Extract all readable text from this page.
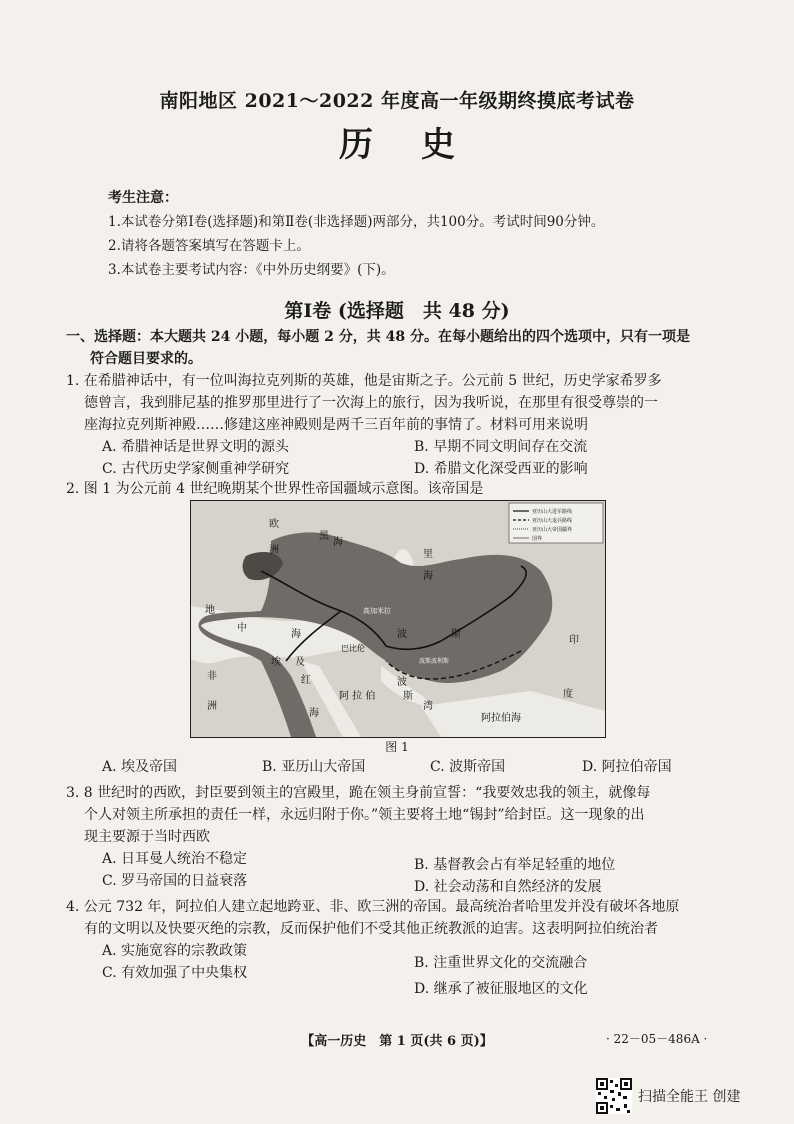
南阳地区 2021～2022 年度高一年级期终摸底考试卷
历史
考生注意：
1.本试卷分第Ⅰ卷(选择题)和第Ⅱ卷(非选择题)两部分，共100分。考试时间90分钟。
2.请将各题答案填写在答题卡上。
3.本试卷主要考试内容：《中外历史纲要》(下)。
第Ⅰ卷 (选择题　共 48 分)
一、选择题：本大题共 24 小题，每小题 2 分，共 48 分。在每小题给出的四个选项中，只有一项是
符合题目要求的。
1. 在希腊神话中，有一位叫海拉克列斯的英雄，他是宙斯之子。公元前 5 世纪，历史学家希罗多
德曾言，我到腓尼基的推罗那里进行了一次海上的旅行，因为我听说，在那里有很受尊崇的一
座海拉克列斯神殿……修建这座神殿则是两千三百年前的事情了。材料可用来说明
A. 希腊神话是世界文明的源头	B. 早期不同文明间存在交流
C. 古代历史学家侧重神学研究	D. 希腊文化深受西亚的影响
2. 图 1 为公元前 4 世纪晚期某个世界性帝国疆域示意图。该帝国是
亚历山大进军路线
亚历山大退兵路线
亚历山大帝国疆界
国界
欧
洲
黑
海
里
海
地
中
海
高加米拉
波	斯
巴比伦
波斯波利斯
埃 及
非
洲
红
海
阿 拉 伯
波
斯
湾
印
度
阿拉伯海
图 1
A. 埃及帝国	B. 亚历山大帝国	C. 波斯帝国	D. 阿拉伯帝国
3. 8 世纪时的西欧，封臣要到领主的宫殿里，跪在领主身前宣誓：“我要效忠我的领主，就像每
个人对领主所承担的责任一样，永远归附于你。”领主要将土地“锡封”给封臣。这一现象的出
现主要源于当时西欧
A. 日耳曼人统治不稳定	B. 基督教会占有举足轻重的地位
C. 罗马帝国的日益衰落	D. 社会动荡和自然经济的发展
4. 公元 732 年，阿拉伯人建立起地跨亚、非、欧三洲的帝国。最高统治者哈里发并没有破坏各地原
有的文明以及快要灭绝的宗教，反而保护他们不受其他正统教派的迫害。这表明阿拉伯统治者
A. 实施宽容的宗教政策
B. 注重世界文化的交流融合
C. 有效加强了中央集权
D. 继承了被征服地区的文化
【高一历史　第 1 页(共 6 页)】	· 22－05－486A ·
扫描全能王 创建
